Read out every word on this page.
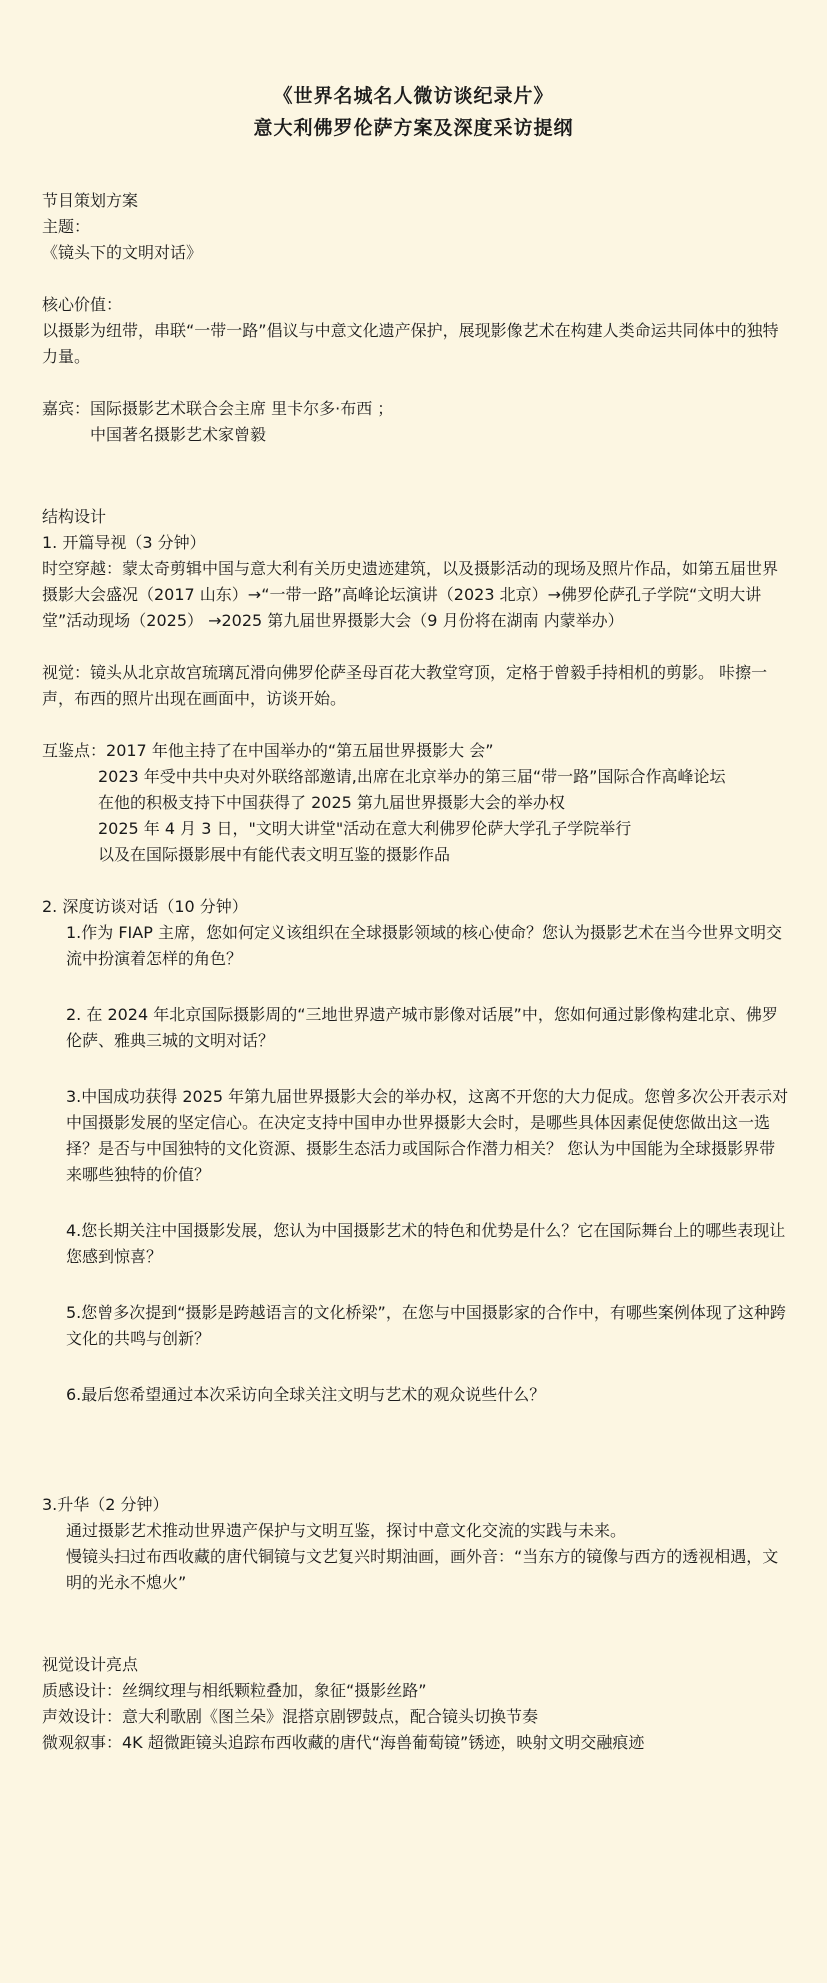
《世界名城名人微访谈纪录片》
意大利佛罗伦萨方案及深度采访提纲

节目策划方案

主题：

《镜头下的文明对话》

核心价值：

以摄影为纽带，串联“一带一路”倡议与中意文化遗产保护，展现影像艺术在构建人类命运共同体中的独特力量。

嘉宾： 国际摄影艺术联合会主席 里卡尔多·布西 ；

中国著名摄影艺术家曾毅

结构设计

1. 开篇导视（3 分钟）

时空穿越：蒙太奇剪辑中国与意大利有关历史遗迹建筑，以及摄影活动的现场及照片作品，如第五届世界摄影大会盛况（2017 山东）→“一带一路”高峰论坛演讲（2023 北京）→佛罗伦萨孔子学院“文明大讲堂”活动现场（2025） →2025 第九届世界摄影大会（9 月份将在湖南 内蒙举办）

视觉：镜头从北京故宫琉璃瓦滑向佛罗伦萨圣母百花大教堂穹顶，定格于曾毅手持相机的剪影。 咔擦一声，布西的照片出现在画面中，访谈开始。

互鉴点： 2017 年他主持了在中国举办的“第五届世界摄影大 会”

2023 年受中共中央对外联络部邀请,出席在北京举办的第三届“带一路”国际合作高峰论坛

在他的积极支持下中国获得了 2025 第九届世界摄影大会的举办权

2025 年 4 月 3 日，"文明大讲堂"活动在意大利佛罗伦萨大学孔子学院举行

以及在国际摄影展中有能代表文明互鉴的摄影作品

2. 深度访谈对话（10 分钟）

1.作为 FIAP 主席，您如何定义该组织在全球摄影领域的核心使命？您认为摄影艺术在当今世界文明交流中扮演着怎样的角色？

2. 在 2024 年北京国际摄影周的“三地世界遗产城市影像对话展”中，您如何通过影像构建北京、佛罗伦萨、雅典三城的文明对话？

3.中国成功获得 2025 年第九届世界摄影大会的举办权，这离不开您的大力促成。您曾多次公开表示对中国摄影发展的坚定信心。在决定支持中国申办世界摄影大会时，是哪些具体因素促使您做出这一选择？是否与中国独特的文化资源、摄影生态活力或国际合作潜力相关？ 您认为中国能为全球摄影界带来哪些独特的价值？

4.您长期关注中国摄影发展，您认为中国摄影艺术的特色和优势是什么？它在国际舞台上的哪些表现让您感到惊喜？

5.您曾多次提到“摄影是跨越语言的文化桥梁”，在您与中国摄影家的合作中，有哪些案例体现了这种跨文化的共鸣与创新？

6.最后您希望通过本次采访向全球关注文明与艺术的观众说些什么？

3.升华（2 分钟）

通过摄影艺术推动世界遗产保护与文明互鉴，探讨中意文化交流的实践与未来。

慢镜头扫过布西收藏的唐代铜镜与文艺复兴时期油画，画外音：“当东方的镜像与西方的透视相遇，文明的光永不熄火”

视觉设计亮点

质感设计：丝绸纹理与相纸颗粒叠加，象征“摄影丝路”

声效设计：意大利歌剧《图兰朵》混搭京剧锣鼓点，配合镜头切换节奏

微观叙事：4K 超微距镜头追踪布西收藏的唐代“海兽葡萄镜”锈迹，映射文明交融痕迹
